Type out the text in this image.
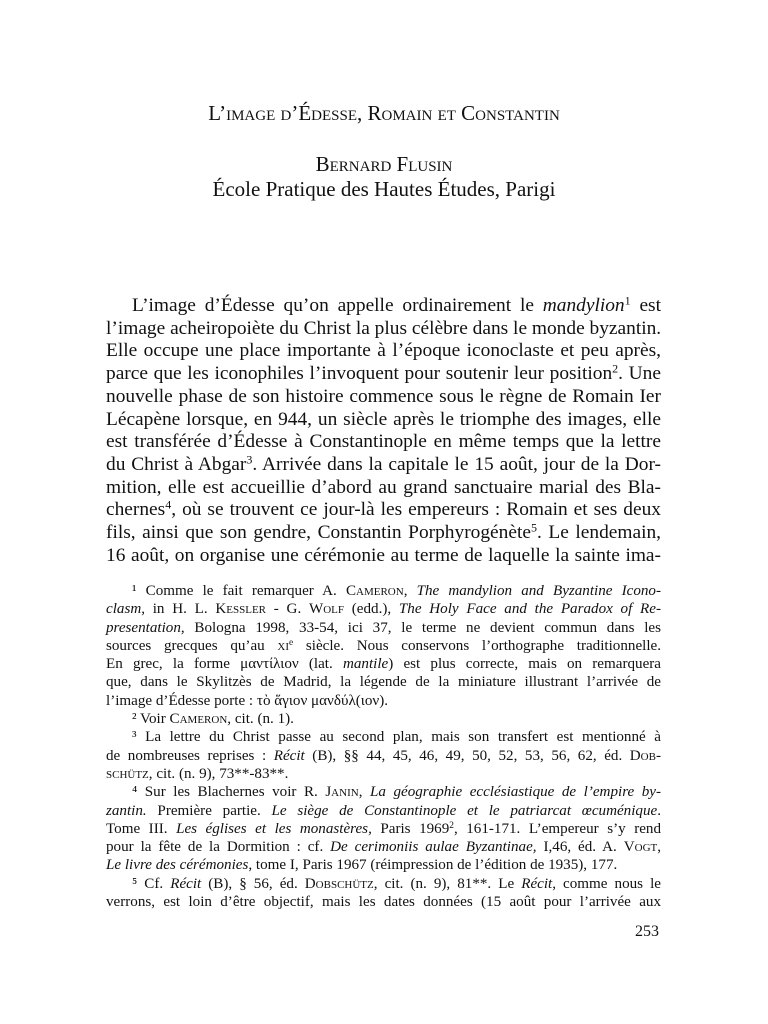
L’image d’Édesse, Romain et Constantin
Bernard Flusin
École Pratique des Hautes Études, Parigi
L’image d’Édesse qu’on appelle ordinairement le mandylion$^1$ est
l’image acheiropoiète du Christ la plus célèbre dans le monde byzantin.
Elle occupe une place importante à l’époque iconoclaste et peu après,
parce que les iconophiles l’invoquent pour soutenir leur position$^2$. Une
nouvelle phase de son histoire commence sous le règne de Romain Ier
Lécapène lorsque, en 944, un siècle après le triomphe des images, elle
est transférée d’Édesse à Constantinople en même temps que la lettre
du Christ à Abgar$^3$. Arrivée dans la capitale le 15 août, jour de la Dor-
mition, elle est accueillie d’abord au grand sanctuaire marial des Bla-
chernes$^4$, où se trouvent ce jour-là les empereurs : Romain et ses deux
fils, ainsi que son gendre, Constantin Porphyrogénète$^5$. Le lendemain,
16 août, on organise une cérémonie au terme de laquelle la sainte ima-
¹ Comme le fait remarquer A. Cameron, The mandylion and Byzantine Icono-
clasm, in H. L. Kessler - G. Wolf (edd.), The Holy Face and the Paradox of Re-
presentation, Bologna 1998, 33-54, ici 37, le terme ne devient commun dans les
sources grecques qu’au $xi^e$ siècle. Nous conservons l’orthographe traditionnelle.
En grec, la forme μαντίλιον (lat. mantile) est plus correcte, mais on remarquera
que, dans le Skylitzès de Madrid, la légende de la miniature illustrant l’arrivée de
l’image d’Édesse porte : τὸ ἅγιον μανδύλ(ιον).
² Voir Cameron, cit. (n. 1).
³ La lettre du Christ passe au second plan, mais son transfert est mentionné à
de nombreuses reprises : Récit (B), §§ 44, 45, 46, 49, 50, 52, 53, 56, 62, éd. Dob-
schütz, cit. (n. 9), 73**-83**.
⁴ Sur les Blachernes voir R. Janin, La géographie ecclésiastique de l’empire by-
zantin. Première partie. Le siège de Constantinople et le patriarcat œcuménique.
Tome III. Les églises et les monastères, Paris 1969$^2$, 161-171. L’empereur s’y rend
pour la fête de la Dormition : cf. De cerimoniis aulae Byzantinae, I,46, éd. A. Vogt,
Le livre des cérémonies, tome I, Paris 1967 (réimpression de l’édition de 1935), 177.
⁵ Cf. Récit (B), § 56, éd. Dobschütz, cit. (n. 9), 81**. Le Récit, comme nous le
verrons, est loin d’être objectif, mais les dates données (15 août pour l’arrivée aux
253
